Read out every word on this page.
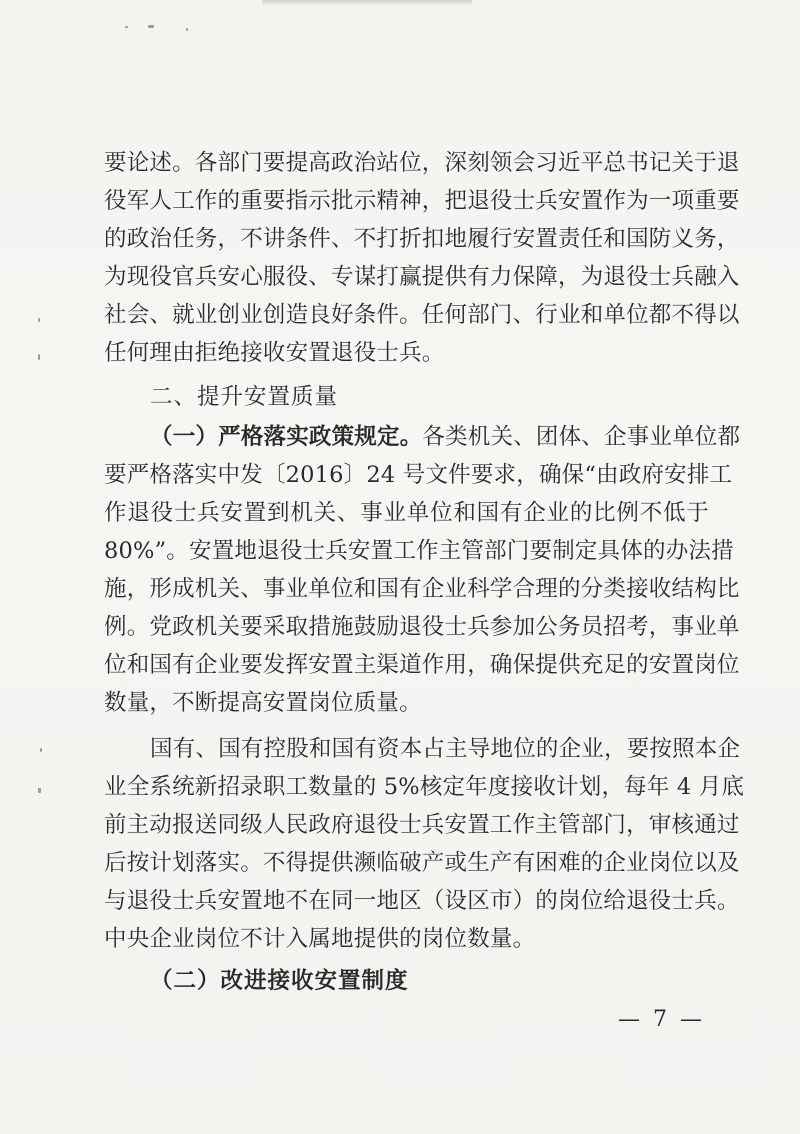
要论述。各部门要提高政治站位，深刻领会习近平总书记关于退
役军人工作的重要指示批示精神，把退役士兵安置作为一项重要
的政治任务，不讲条件、不打折扣地履行安置责任和国防义务，
为现役官兵安心服役、专谋打赢提供有力保障，为退役士兵融入
社会、就业创业创造良好条件。任何部门、行业和单位都不得以
任何理由拒绝接收安置退役士兵。
二、提升安置质量
（一）严格落实政策规定。各类机关、团体、企事业单位都
要严格落实中发〔2016〕24 号文件要求，确保“由政府安排工
作退役士兵安置到机关、事业单位和国有企业的比例不低于
80%”。安置地退役士兵安置工作主管部门要制定具体的办法措
施，形成机关、事业单位和国有企业科学合理的分类接收结构比
例。党政机关要采取措施鼓励退役士兵参加公务员招考，事业单
位和国有企业要发挥安置主渠道作用，确保提供充足的安置岗位
数量，不断提高安置岗位质量。
国有、国有控股和国有资本占主导地位的企业，要按照本企
业全系统新招录职工数量的 5%核定年度接收计划，每年 4 月底
前主动报送同级人民政府退役士兵安置工作主管部门，审核通过
后按计划落实。不得提供濒临破产或生产有困难的企业岗位以及
与退役士兵安置地不在同一地区（设区市）的岗位给退役士兵。
中央企业岗位不计入属地提供的岗位数量。
（二）改进接收安置制度
— 7 —
